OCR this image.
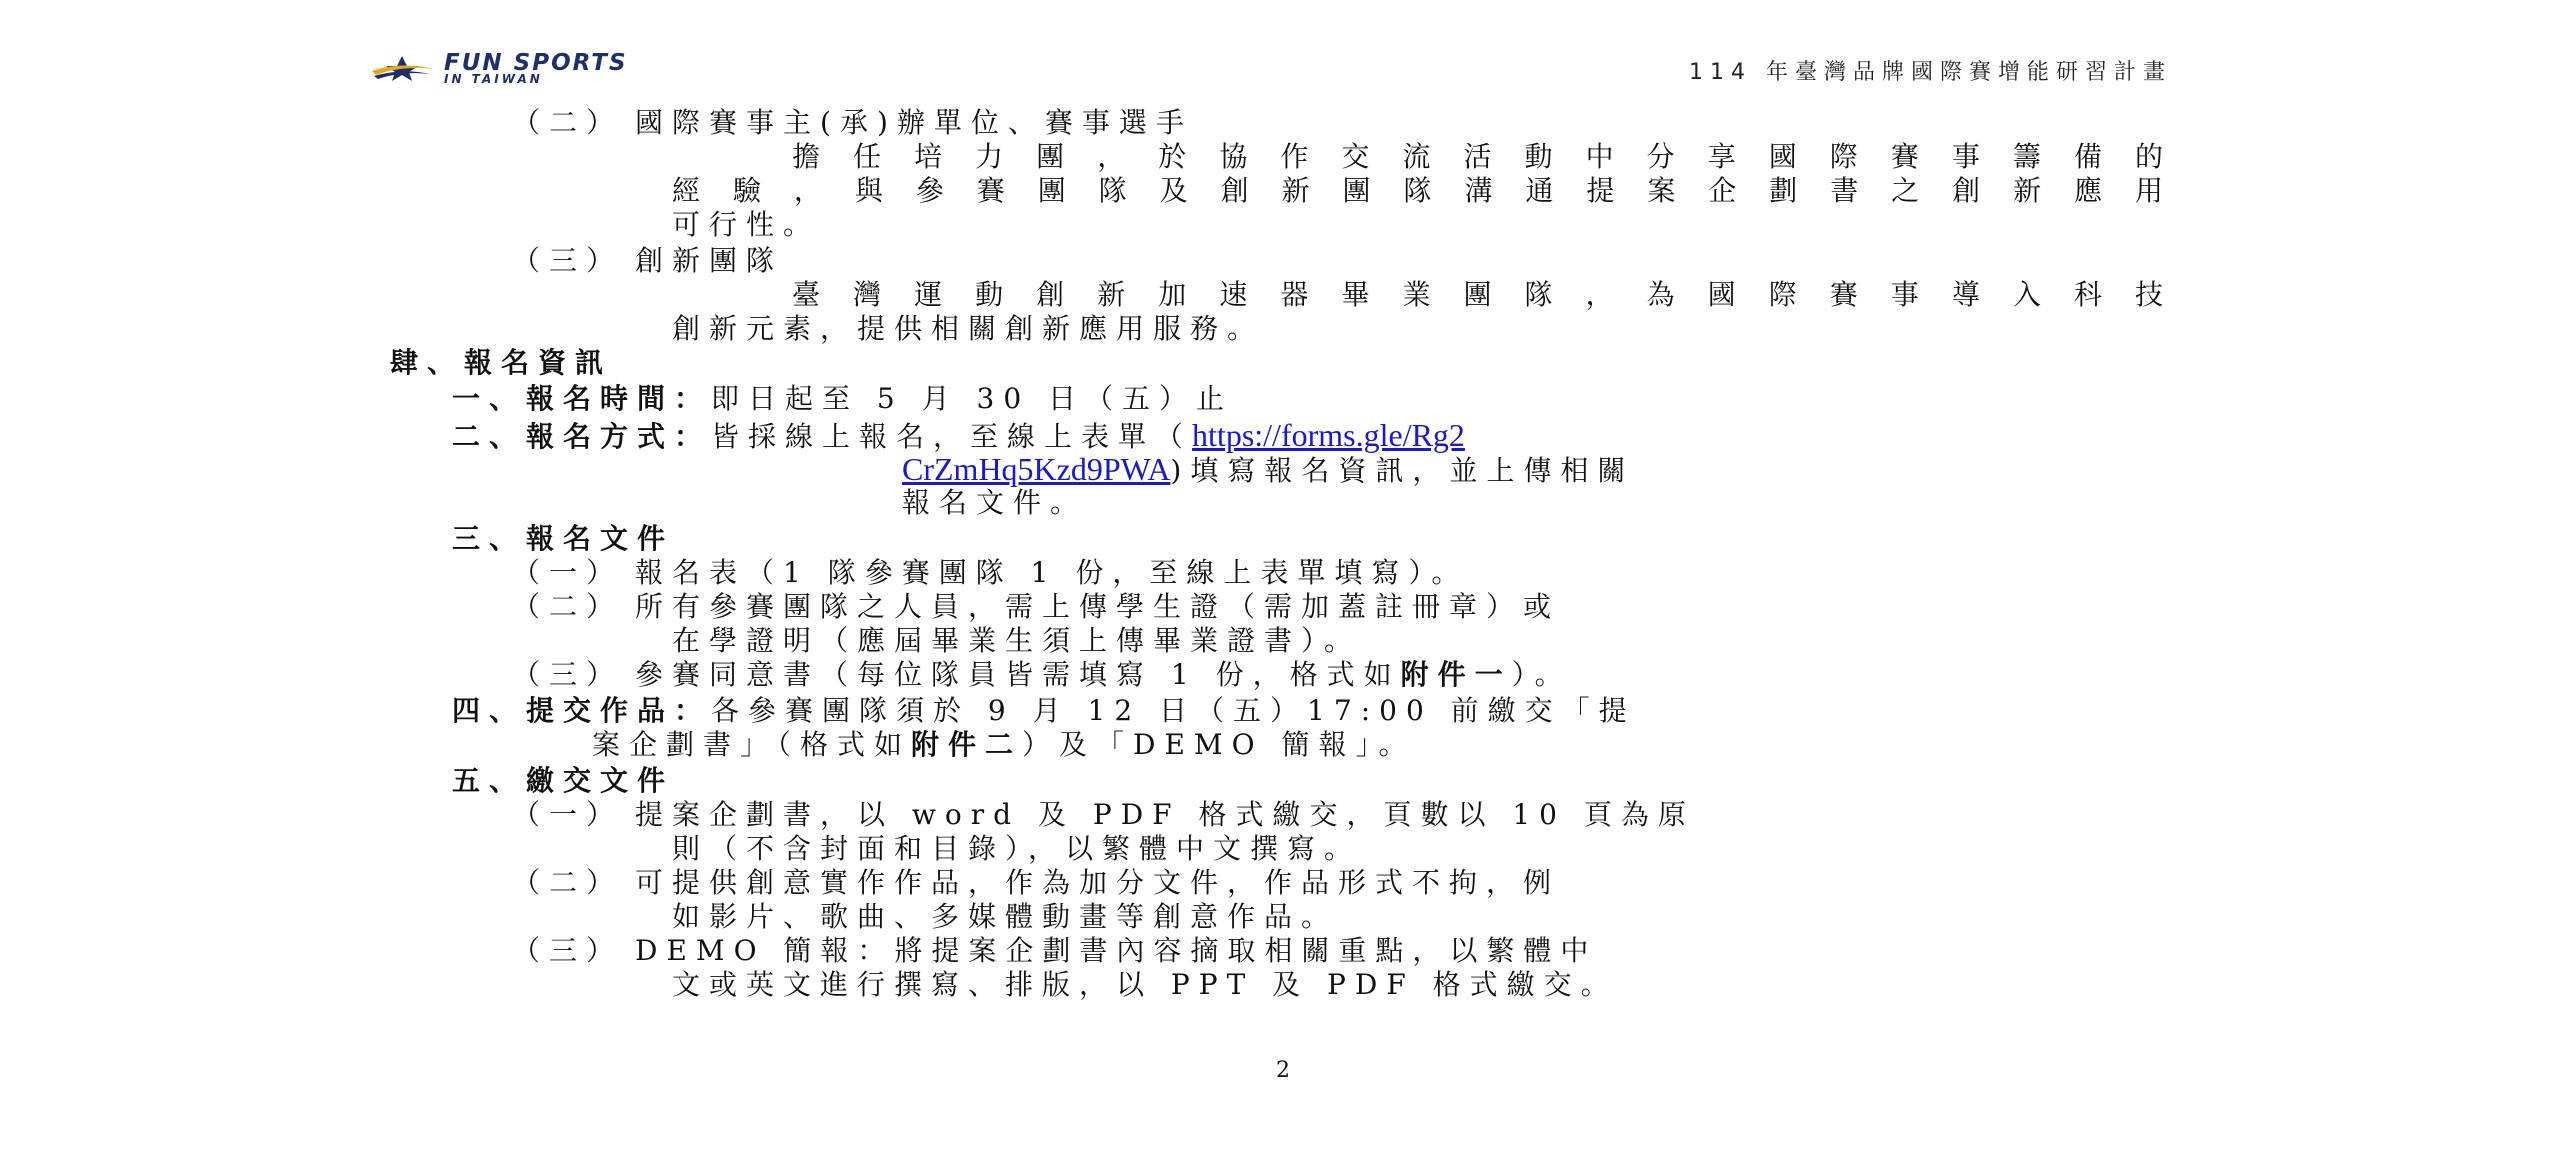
FUN SPORTS
IN TAIWAN	114 年臺灣品牌國際賽增能研習計畫
（二） 國際賽事主(承)辦單位、賽事選手
擔任培力團，於協作交流活動中分享國際賽事籌備的
經驗，與參賽團隊及創新團隊溝通提案企劃書之創新應用
可行性。
（三） 創新團隊
臺灣運動創新加速器畢業團隊，為國際賽事導入科技
創新元素，提供相關創新應用服務。
肆、報名資訊
一、報名時間：即日起至 5 月 30 日（五）止
二、報名方式：皆採線上報名，至線上表單（https://forms.gle/Rg2
CrZmHq5Kzd9PWA)填寫報名資訊，並上傳相關
報名文件。
三、報名文件
（一） 報名表（1 隊參賽團隊 1 份，至線上表單填寫）。
（二） 所有參賽團隊之人員，需上傳學生證（需加蓋註冊章）或
在學證明（應屆畢業生須上傳畢業證書）。
（三） 參賽同意書（每位隊員皆需填寫 1 份，格式如附件一）。
四、提交作品：各參賽團隊須於 9 月 12 日（五）17:00 前繳交「提
案企劃書」（格式如附件二）及「DEMO 簡報」。
五、繳交文件
（一） 提案企劃書，以 word 及 PDF 格式繳交，頁數以 10 頁為原
則（不含封面和目錄），以繁體中文撰寫。
（二） 可提供創意實作作品，作為加分文件，作品形式不拘，例
如影片、歌曲、多媒體動畫等創意作品。
（三） DEMO 簡報：將提案企劃書內容摘取相關重點，以繁體中
文或英文進行撰寫、排版，以 PPT 及 PDF 格式繳交。
2
